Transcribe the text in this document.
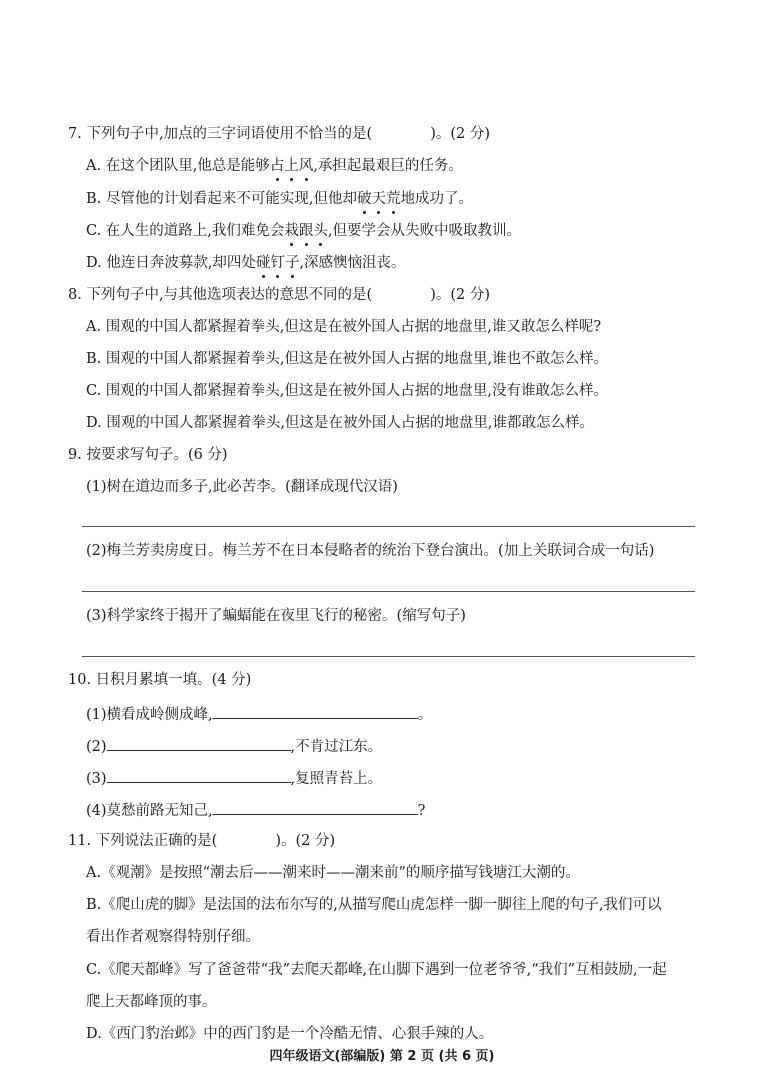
7. 下列句子中,加点的三字词语使用不恰当的是(　　　　)。(2 分)
A. 在这个团队里,他总是能够占上风,承担起最艰巨的任务。
B. 尽管他的计划看起来不可能实现,但他却破天荒地成功了。
C. 在人生的道路上,我们难免会栽跟头,但要学会从失败中吸取教训。
D. 他连日奔波募款,却四处碰钉子,深感懊恼沮丧。
8. 下列句子中,与其他选项表达的意思不同的是(　　　　)。(2 分)
A. 围观的中国人都紧握着拳头,但这是在被外国人占据的地盘里,谁又敢怎么样呢?
B. 围观的中国人都紧握着拳头,但这是在被外国人占据的地盘里,谁也不敢怎么样。
C. 围观的中国人都紧握着拳头,但这是在被外国人占据的地盘里,没有谁敢怎么样。
D. 围观的中国人都紧握着拳头,但这是在被外国人占据的地盘里,谁都敢怎么样。
9. 按要求写句子。(6 分)
(1)树在道边而多子,此必苦李。(翻译成现代汉语)
(2)梅兰芳卖房度日。梅兰芳不在日本侵略者的统治下登台演出。(加上关联词合成一句话)
(3)科学家终于揭开了蝙蝠能在夜里飞行的秘密。(缩写句子)
10. 日积月累填一填。(4 分)
(1)横看成岭侧成峰,	。
(2)	,不肯过江东。
(3)	,复照青苔上。
(4)莫愁前路无知己,	?
11. 下列说法正确的是(　　　　)。(2 分)
A.《观潮》是按照“潮去后——潮来时——潮来前”的顺序描写钱塘江大潮的。
B.《爬山虎的脚》是法国的法布尔写的,从描写爬山虎怎样一脚一脚往上爬的句子,我们可以
看出作者观察得特别仔细。
C.《爬天都峰》写了爸爸带“我”去爬天都峰,在山脚下遇到一位老爷爷,“我们”互相鼓励,一起
爬上天都峰顶的事。
D.《西门豹治邺》中的西门豹是一个冷酷无情、心狠手辣的人。
四年级语文(部编版) 第 2 页 (共 6 页)
